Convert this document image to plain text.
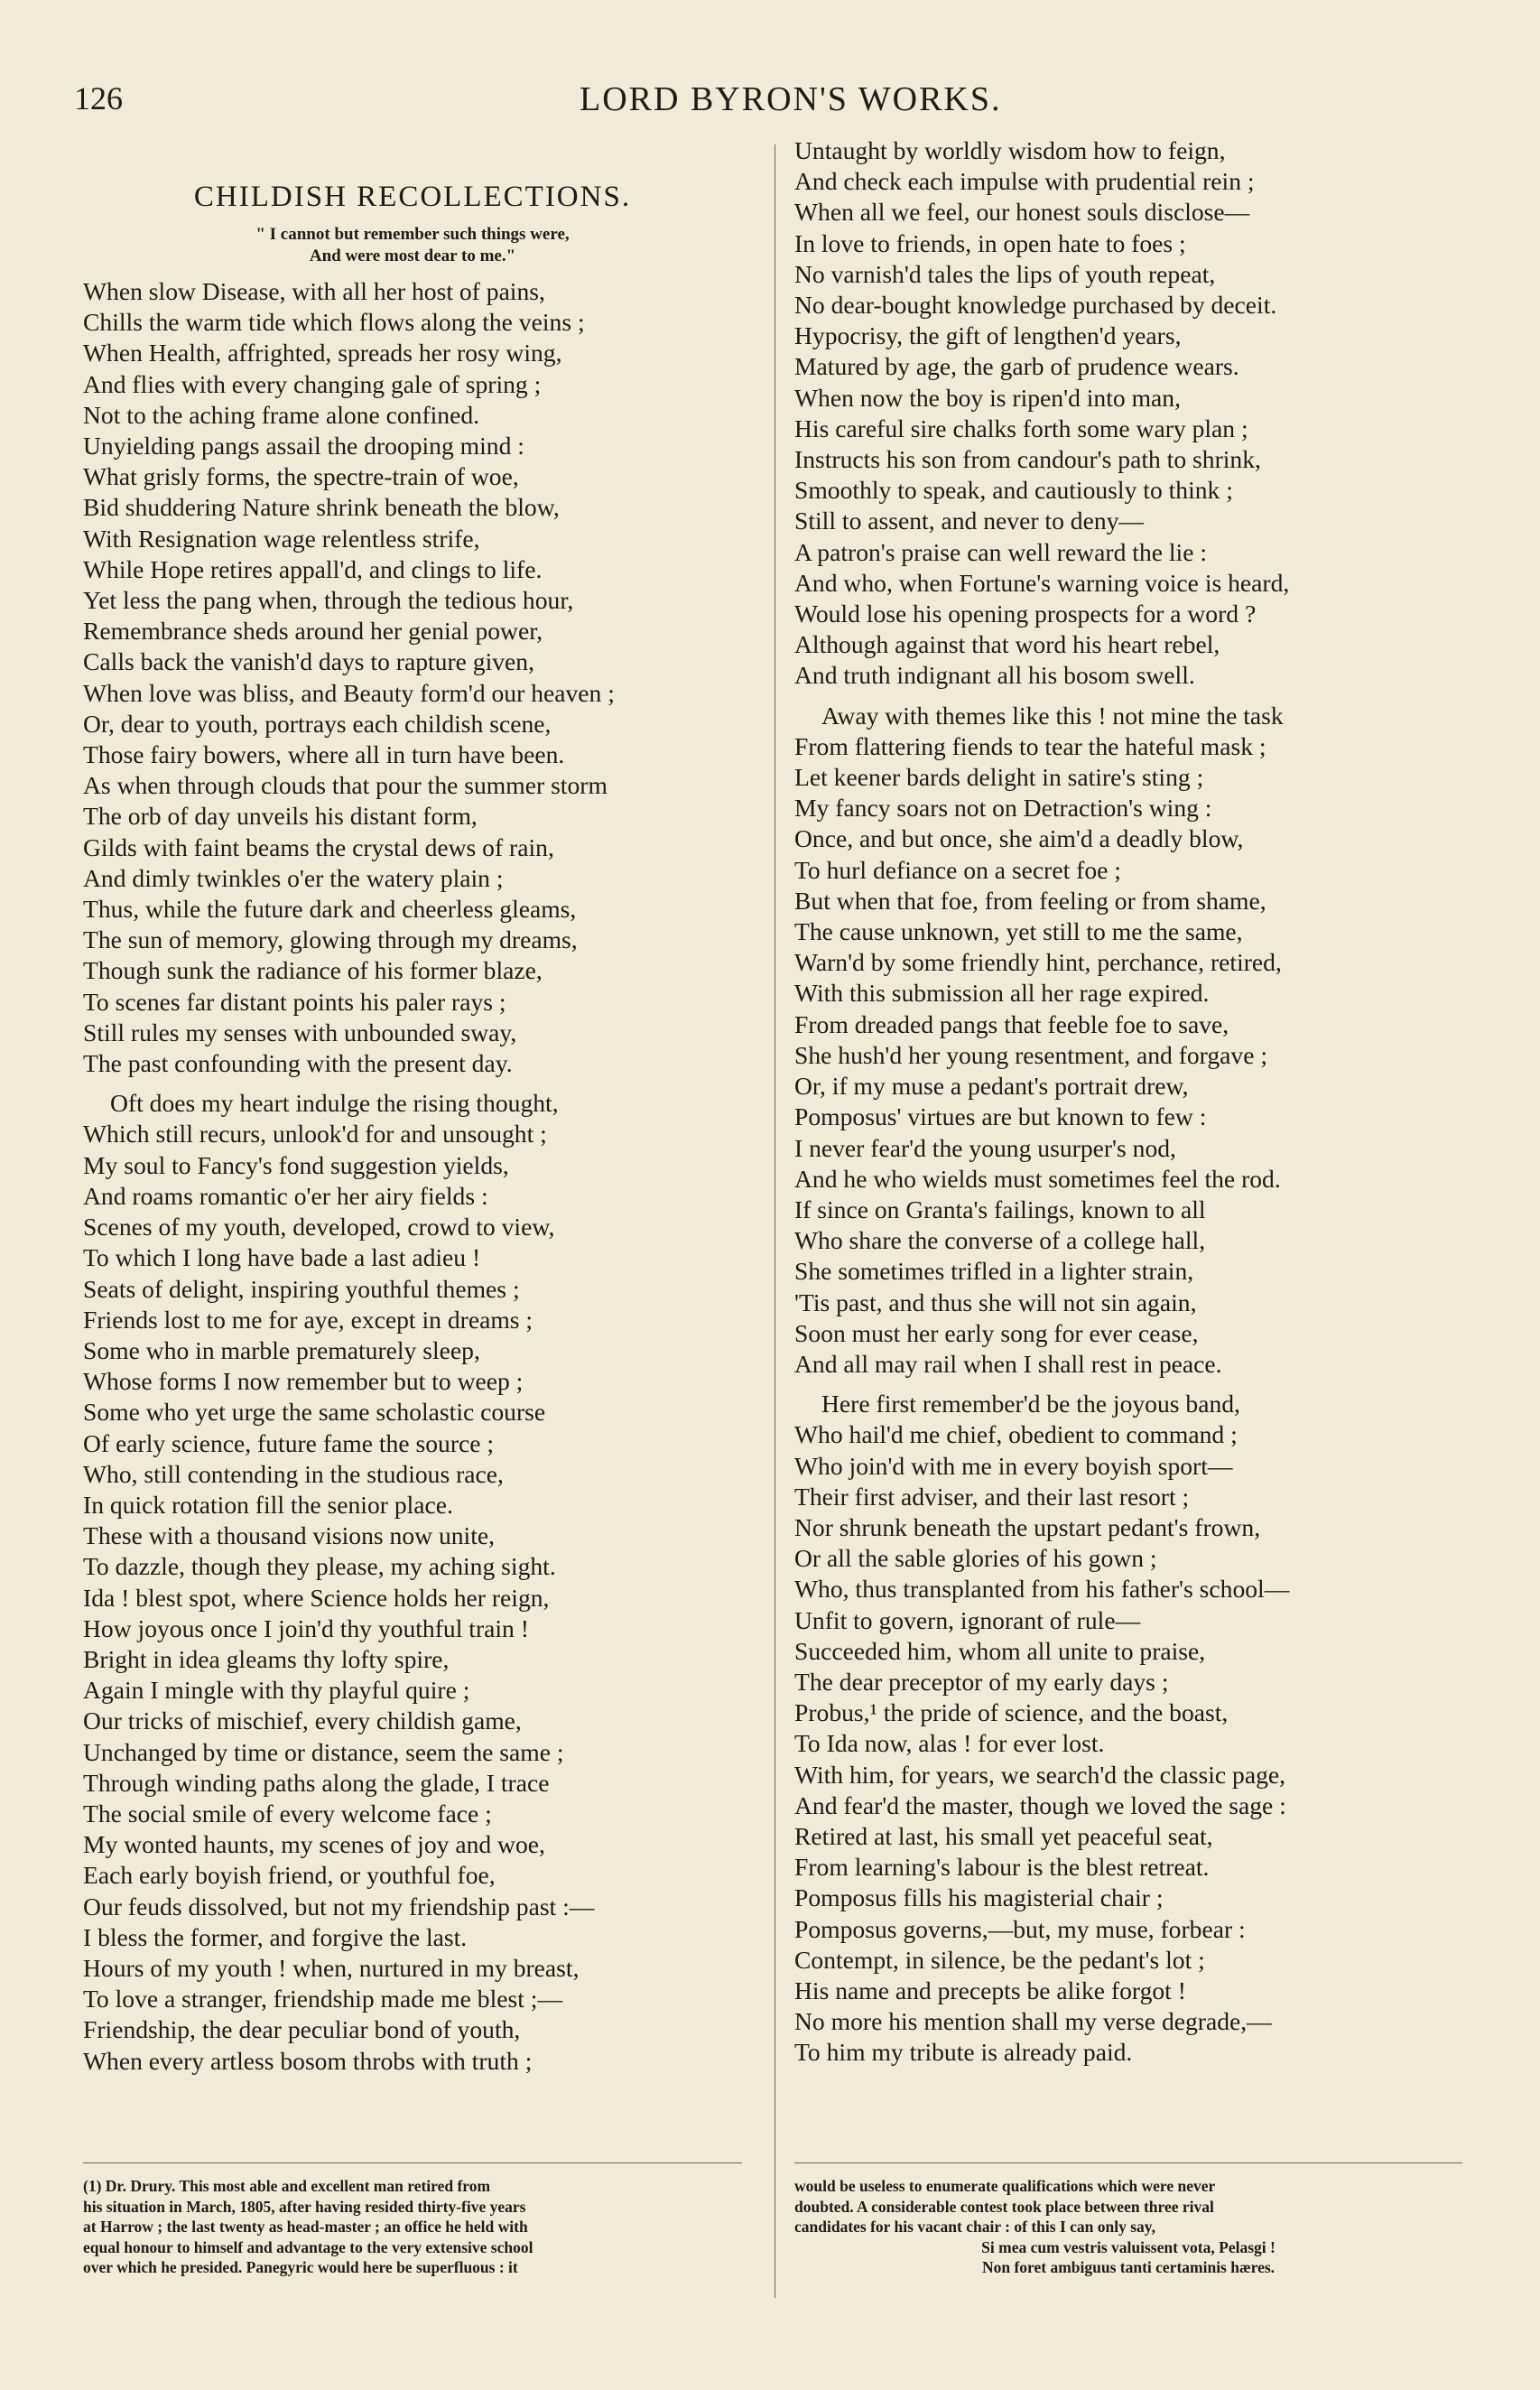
126	LORD BYRON'S WORKS.
CHILDISH RECOLLECTIONS.
" I cannot but remember such things were,
And were most dear to me."
When slow Disease, with all her host of pains,
Chills the warm tide which flows along the veins ;
When Health, affrighted, spreads her rosy wing,
And flies with every changing gale of spring ;
Not to the aching frame alone confined.
Unyielding pangs assail the drooping mind :
What grisly forms, the spectre-train of woe,
Bid shuddering Nature shrink beneath the blow,
With Resignation wage relentless strife,
While Hope retires appall'd, and clings to life.
Yet less the pang when, through the tedious hour,
Remembrance sheds around her genial power,
Calls back the vanish'd days to rapture given,
When love was bliss, and Beauty form'd our heaven ;
Or, dear to youth, portrays each childish scene,
Those fairy bowers, where all in turn have been.
As when through clouds that pour the summer storm
The orb of day unveils his distant form,
Gilds with faint beams the crystal dews of rain,
And dimly twinkles o'er the watery plain ;
Thus, while the future dark and cheerless gleams,
The sun of memory, glowing through my dreams,
Though sunk the radiance of his former blaze,
To scenes far distant points his paler rays ;
Still rules my senses with unbounded sway,
The past confounding with the present day.
Oft does my heart indulge the rising thought,
Which still recurs, unlook'd for and unsought ;
My soul to Fancy's fond suggestion yields,
And roams romantic o'er her airy fields :
Scenes of my youth, developed, crowd to view,
To which I long have bade a last adieu !
Seats of delight, inspiring youthful themes ;
Friends lost to me for aye, except in dreams ;
Some who in marble prematurely sleep,
Whose forms I now remember but to weep ;
Some who yet urge the same scholastic course
Of early science, future fame the source ;
Who, still contending in the studious race,
In quick rotation fill the senior place.
These with a thousand visions now unite,
To dazzle, though they please, my aching sight.
Ida ! blest spot, where Science holds her reign,
How joyous once I join'd thy youthful train !
Bright in idea gleams thy lofty spire,
Again I mingle with thy playful quire ;
Our tricks of mischief, every childish game,
Unchanged by time or distance, seem the same ;
Through winding paths along the glade, I trace
The social smile of every welcome face ;
My wonted haunts, my scenes of joy and woe,
Each early boyish friend, or youthful foe,
Our feuds dissolved, but not my friendship past :—
I bless the former, and forgive the last.
Hours of my youth ! when, nurtured in my breast,
To love a stranger, friendship made me blest ;—
Friendship, the dear peculiar bond of youth,
When every artless bosom throbs with truth ;
Untaught by worldly wisdom how to feign,
And check each impulse with prudential rein ;
When all we feel, our honest souls disclose—
In love to friends, in open hate to foes ;
No varnish'd tales the lips of youth repeat,
No dear-bought knowledge purchased by deceit.
Hypocrisy, the gift of lengthen'd years,
Matured by age, the garb of prudence wears.
When now the boy is ripen'd into man,
His careful sire chalks forth some wary plan ;
Instructs his son from candour's path to shrink,
Smoothly to speak, and cautiously to think ;
Still to assent, and never to deny—
A patron's praise can well reward the lie :
And who, when Fortune's warning voice is heard,
Would lose his opening prospects for a word ?
Although against that word his heart rebel,
And truth indignant all his bosom swell.
Away with themes like this ! not mine the task
From flattering fiends to tear the hateful mask ;
Let keener bards delight in satire's sting ;
My fancy soars not on Detraction's wing :
Once, and but once, she aim'd a deadly blow,
To hurl defiance on a secret foe ;
But when that foe, from feeling or from shame,
The cause unknown, yet still to me the same,
Warn'd by some friendly hint, perchance, retired,
With this submission all her rage expired.
From dreaded pangs that feeble foe to save,
She hush'd her young resentment, and forgave ;
Or, if my muse a pedant's portrait drew,
Pomposus' virtues are but known to few :
I never fear'd the young usurper's nod,
And he who wields must sometimes feel the rod.
If since on Granta's failings, known to all
Who share the converse of a college hall,
She sometimes trifled in a lighter strain,
'Tis past, and thus she will not sin again,
Soon must her early song for ever cease,
And all may rail when I shall rest in peace.
Here first remember'd be the joyous band,
Who hail'd me chief, obedient to command ;
Who join'd with me in every boyish sport—
Their first adviser, and their last resort ;
Nor shrunk beneath the upstart pedant's frown,
Or all the sable glories of his gown ;
Who, thus transplanted from his father's school—
Unfit to govern, ignorant of rule—
Succeeded him, whom all unite to praise,
The dear preceptor of my early days ;
Probus,¹ the pride of science, and the boast,
To Ida now, alas ! for ever lost.
With him, for years, we search'd the classic page,
And fear'd the master, though we loved the sage :
Retired at last, his small yet peaceful seat,
From learning's labour is the blest retreat.
Pomposus fills his magisterial chair ;
Pomposus governs,—but, my muse, forbear :
Contempt, in silence, be the pedant's lot ;
His name and precepts be alike forgot !
No more his mention shall my verse degrade,—
To him my tribute is already paid.
(1) Dr. Drury. This most able and excellent man retired from
his situation in March, 1805, after having resided thirty-five years
at Harrow ; the last twenty as head-master ; an office he held with
equal honour to himself and advantage to the very extensive school
over which he presided. Panegyric would here be superfluous : it
would be useless to enumerate qualifications which were never
doubted. A considerable contest took place between three rival
candidates for his vacant chair : of this I can only say,
Si mea cum vestris valuissent vota, Pelasgi !
Non foret ambiguus tanti certaminis hæres.
